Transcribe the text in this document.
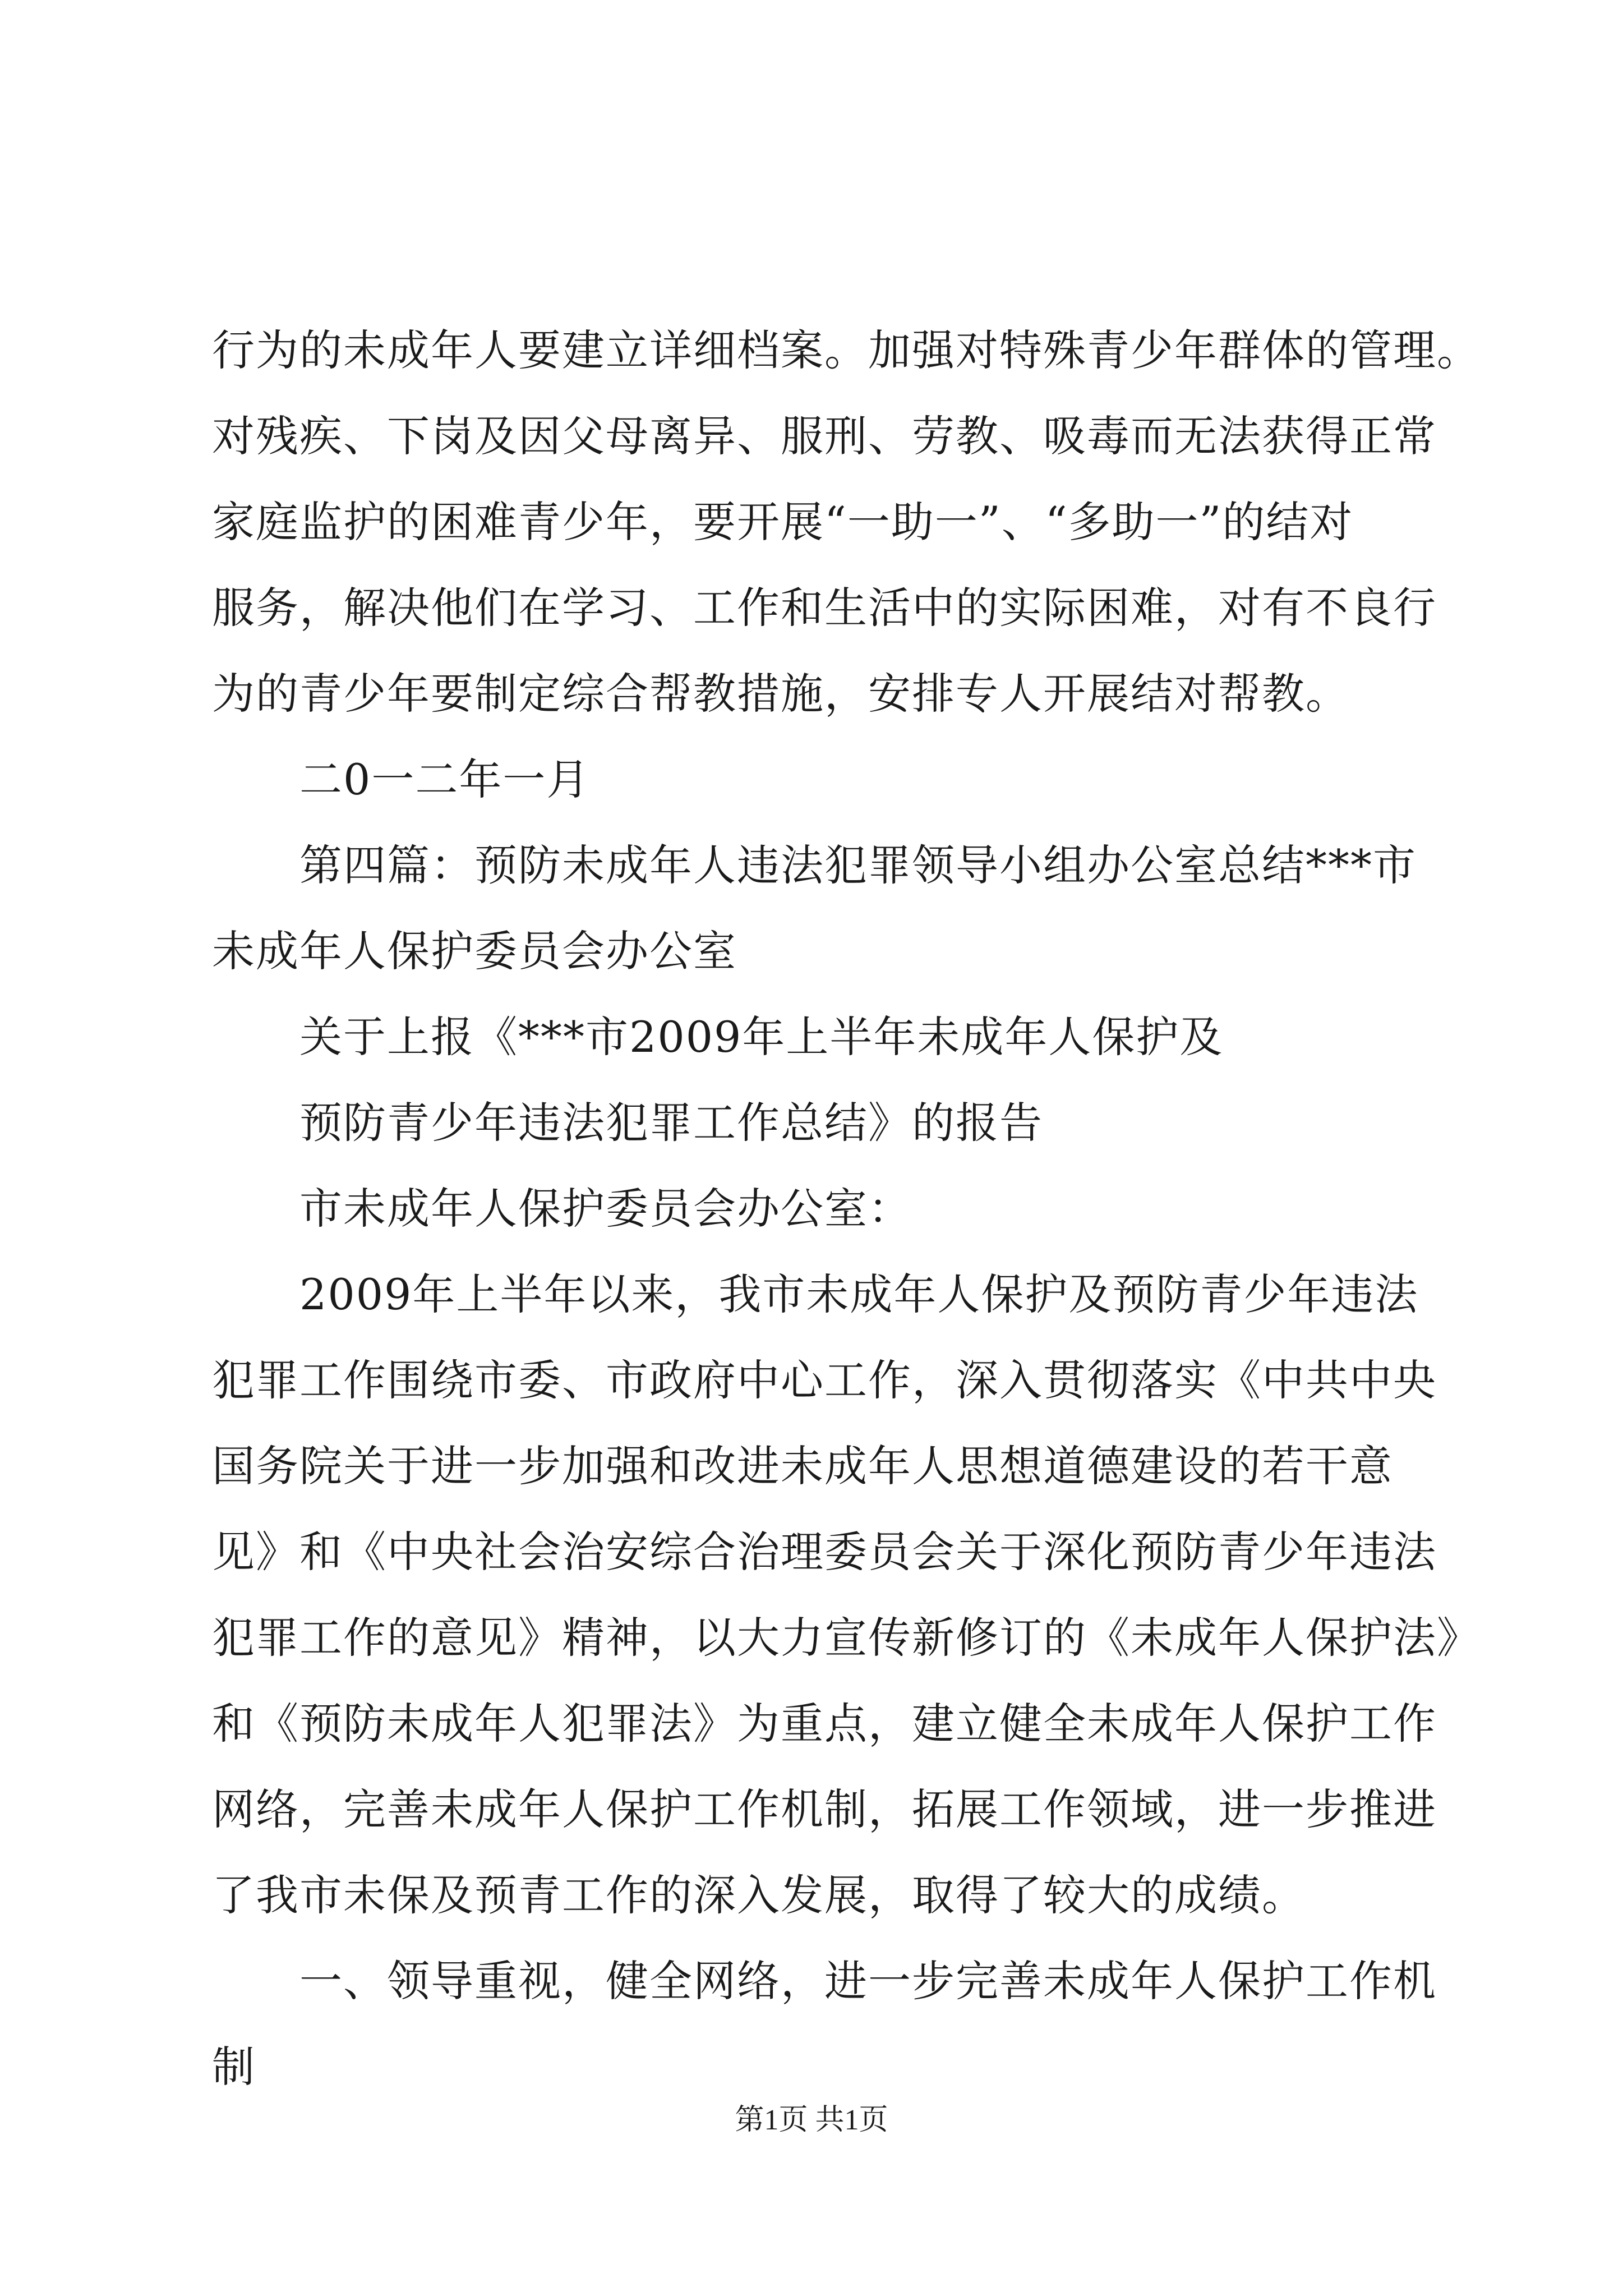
行为的未成年人要建立详细档案。加强对特殊青少年群体的管理。
对残疾、下岗及因父母离异、服刑、劳教、吸毒而无法获得正常
家庭监护的困难青少年，要开展“一助一”、“多助一”的结对
服务，解决他们在学习、工作和生活中的实际困难，对有不良行
为的青少年要制定综合帮教措施，安排专人开展结对帮教。
二0一二年一月
第四篇：预防未成年人违法犯罪领导小组办公室总结***市
未成年人保护委员会办公室
关于上报《***市2009年上半年未成年人保护及
预防青少年违法犯罪工作总结》的报告
市未成年人保护委员会办公室：
2009年上半年以来，我市未成年人保护及预防青少年违法
犯罪工作围绕市委、市政府中心工作，深入贯彻落实《中共中央
国务院关于进一步加强和改进未成年人思想道德建设的若干意
见》和《中央社会治安综合治理委员会关于深化预防青少年违法
犯罪工作的意见》精神，以大力宣传新修订的《未成年人保护法》
和《预防未成年人犯罪法》为重点，建立健全未成年人保护工作
网络，完善未成年人保护工作机制，拓展工作领域，进一步推进
了我市未保及预青工作的深入发展，取得了较大的成绩。
一、领导重视，健全网络，进一步完善未成年人保护工作机
制
第1页 共1页
